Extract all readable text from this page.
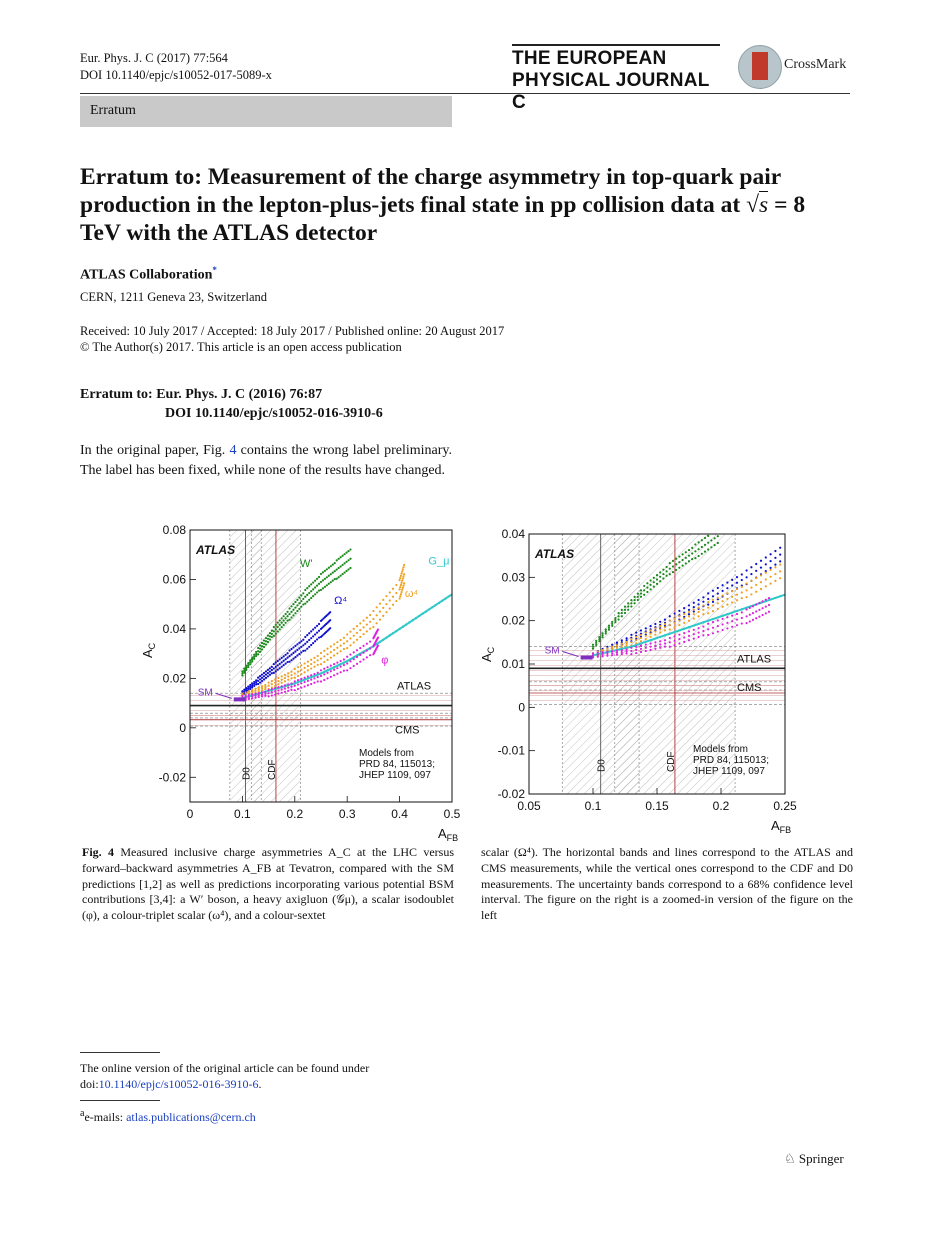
Eur. Phys. J. C (2017) 77:564
DOI 10.1140/epjc/s10052-017-5089-x
THE EUROPEAN
PHYSICAL JOURNAL C
CrossMark
Erratum
Erratum to: Measurement of the charge asymmetry in top-quark pair production in the lepton-plus-jets final state in pp collision data at √s = 8 TeV with the ATLAS detector
ATLAS Collaboration*
CERN, 1211 Geneva 23, Switzerland
Received: 10 July 2017 / Accepted: 18 July 2017 / Published online: 20 August 2017
© The Author(s) 2017. This article is an open access publication
Erratum to: Eur. Phys. J. C (2016) 76:87
DOI 10.1140/epjc/s10052-016-3910-6
In the original paper, Fig. 4 contains the wrong label preliminary. The label has been fixed, while none of the results have changed.
SM
0	0.1	0.2	0.3	0.4	0.5
-0.02
0
0.02
0.04
0.06
0.08
$A_{FB}$
$A_C$
ATLAS
Models from
PRD 84, 115013;
JHEP 1109, 097
ATLAS
CMS
D0 CDF
W'
Ω⁴
ω⁴
G_μ
φ
SM
0.05	0.1	0.15	0.2	0.25
-0.02
-0.01
0
0.01
0.02
0.03
0.04
$A_{FB}$
$A_C$
ATLAS
Models from
PRD 84, 115013;
JHEP 1109, 097
ATLAS
CMS
D0	CDF
Fig. 4 Measured inclusive charge asymmetries A_C at the LHC versus forward–backward asymmetries A_FB at Tevatron, compared with the SM predictions [1,2] as well as predictions incorporating various potential BSM contributions [3,4]: a W′ boson, a heavy axigluon (𝒢μ), a scalar isodoublet (φ), a colour-triplet scalar (ω⁴), and a colour-sextet
scalar (Ω⁴). The horizontal bands and lines correspond to the ATLAS and CMS measurements, while the vertical ones correspond to the CDF and D0 measurements. The uncertainty bands correspond to a 68% confidence level interval. The figure on the right is a zoomed-in version of the figure on the left
The online version of the original article can be found under
doi:10.1140/epjc/s10052-016-3910-6.
$^a$e-mails: atlas.publications@cern.ch
♘ Springer
